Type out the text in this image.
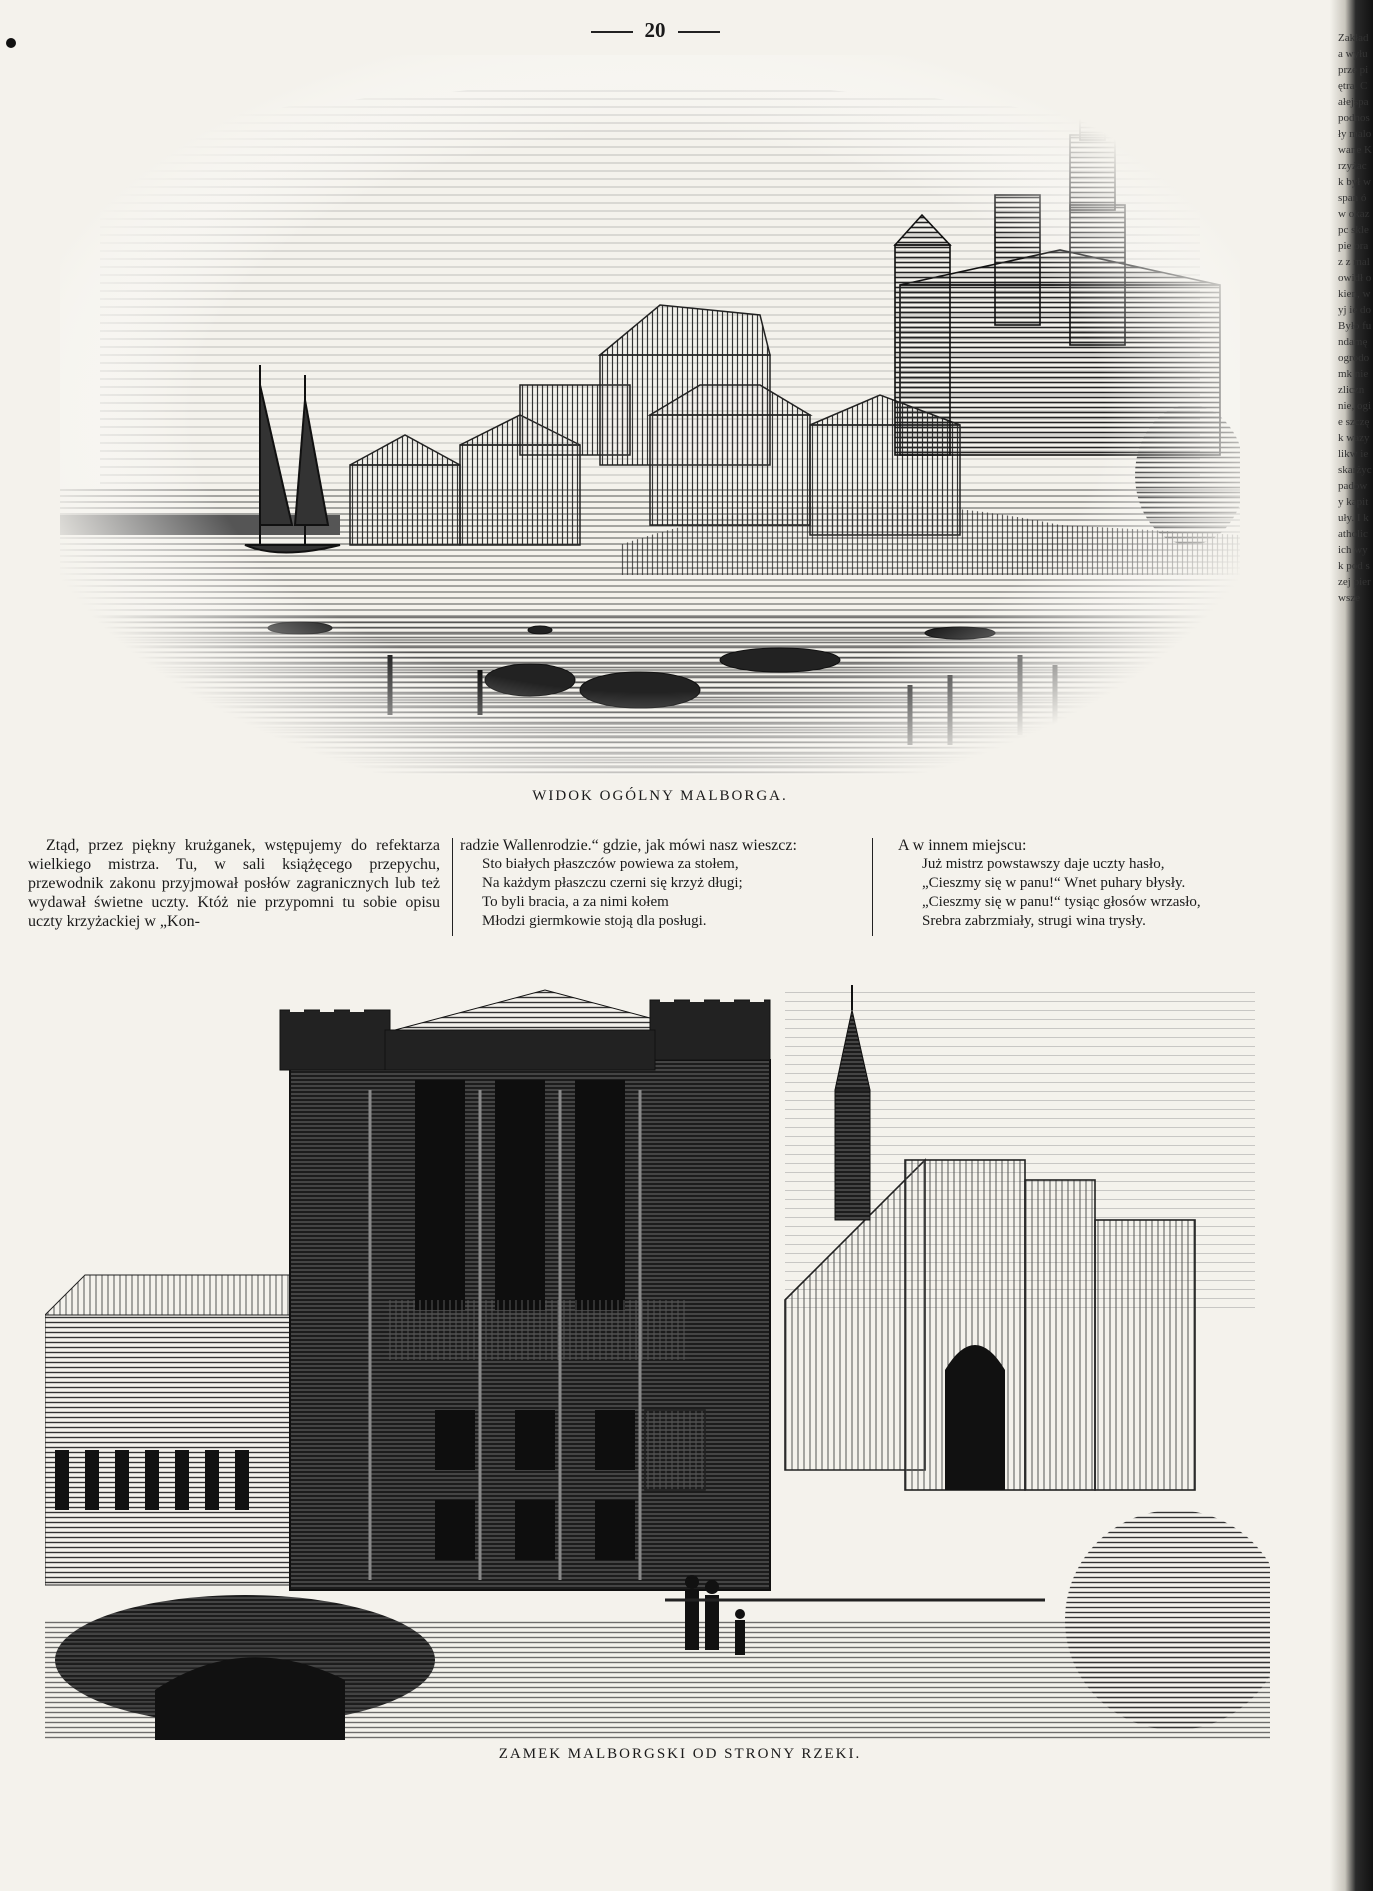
20
WIDOK OGÓLNY MALBORGA.

Ztąd, przez piękny krużganek, wstępujemy do refektarza wielkiego mistrza. Tu, w sali książęcego przepychu, przewodnik zakonu przyjmował posłów zagranicznych lub też wydawał świetne uczty. Któż nie przypomni tu sobie opisu uczty krzyżackiej w „Kon-

radzie Wallenrodzie.“ gdzie, jak mówi nasz wieszcz:

Sto białych płaszczów powiewa za stołem,
Na każdym płaszczu czerni się krzyż długi;
To byli bracia, a za nimi kołem
Młodzi giermkowie stoją dla posługi.

A w innem miejscu:

Już mistrz powstawszy daje uczty hasło,
„Cieszmy się w panu!“ Wnet puhary błysły.
„Cieszmy się w panu!“ tysiąc głosów wrzasło,
Srebra zabrzmiały, strugi wina trysły.
ZAMEK MALBORGSKI OD STRONY RZEKI.
Zakłada wyłu prze piętra. Całejspa podnosły malowane Krzyżack był wspan ów okaz pc sklepie oraz z malowidł okien, wyj ie do Było fundamę ogrodomk niezliczn nie, ogie szczęk wazylikw ie skarżyc padowy kapituły. I katholic ich wyk pod szej pierwsze
